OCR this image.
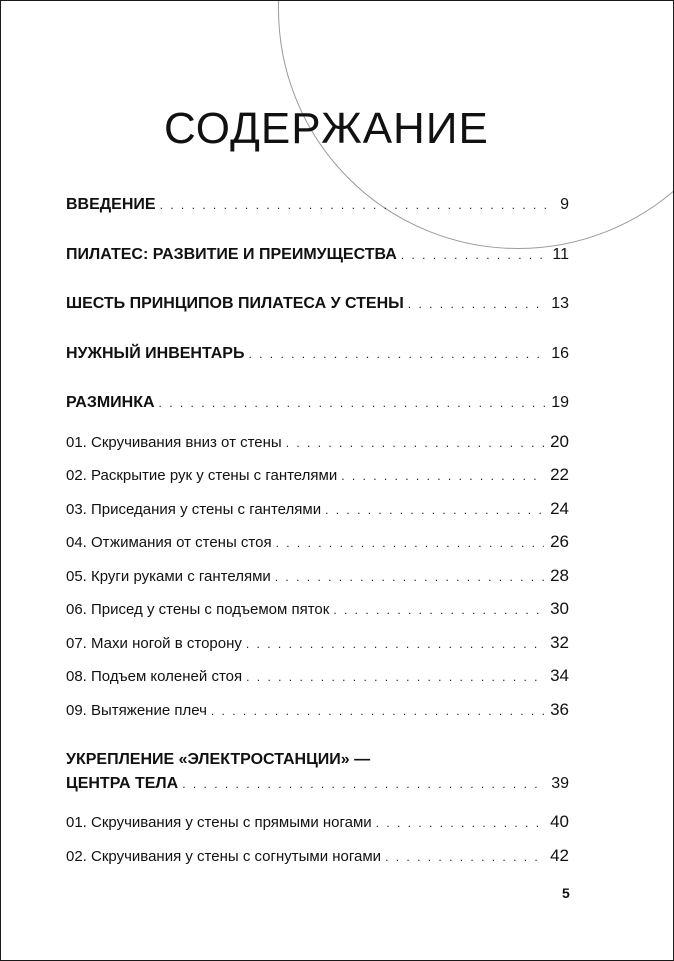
СОДЕРЖАНИЕ
ВВЕДЕНИЕ . . .	9
ПИЛАТЕС: РАЗВИТИЕ И ПРЕИМУЩЕСТВА . . .	11
ШЕСТЬ ПРИНЦИПОВ ПИЛАТЕСА У СТЕНЫ . . .	13
НУЖНЫЙ ИНВЕНТАРЬ . . .	16
РАЗМИНКА . . .	19
01. Скручивания вниз от стены . . .	20
02. Раскрытие рук у стены с гантелями . . .	22
03. Приседания у стены с гантелями . . .	24
04. Отжимания от стены стоя . . .	26
05. Круги руками с гантелями . . .	28
06. Присед у стены с подъемом пяток . . .	30
07. Махи ногой в сторону . . .	32
08. Подъем коленей стоя . . .	34
09. Вытяжение плеч . . .	36
УКРЕПЛЕНИЕ «ЭЛЕКТРОСТАНЦИИ» —
ЦЕНТРА ТЕЛА . . .	39
01. Скручивания у стены с прямыми ногами . . .	40
02. Скручивания у стены с согнутыми ногами . . .	42
5
